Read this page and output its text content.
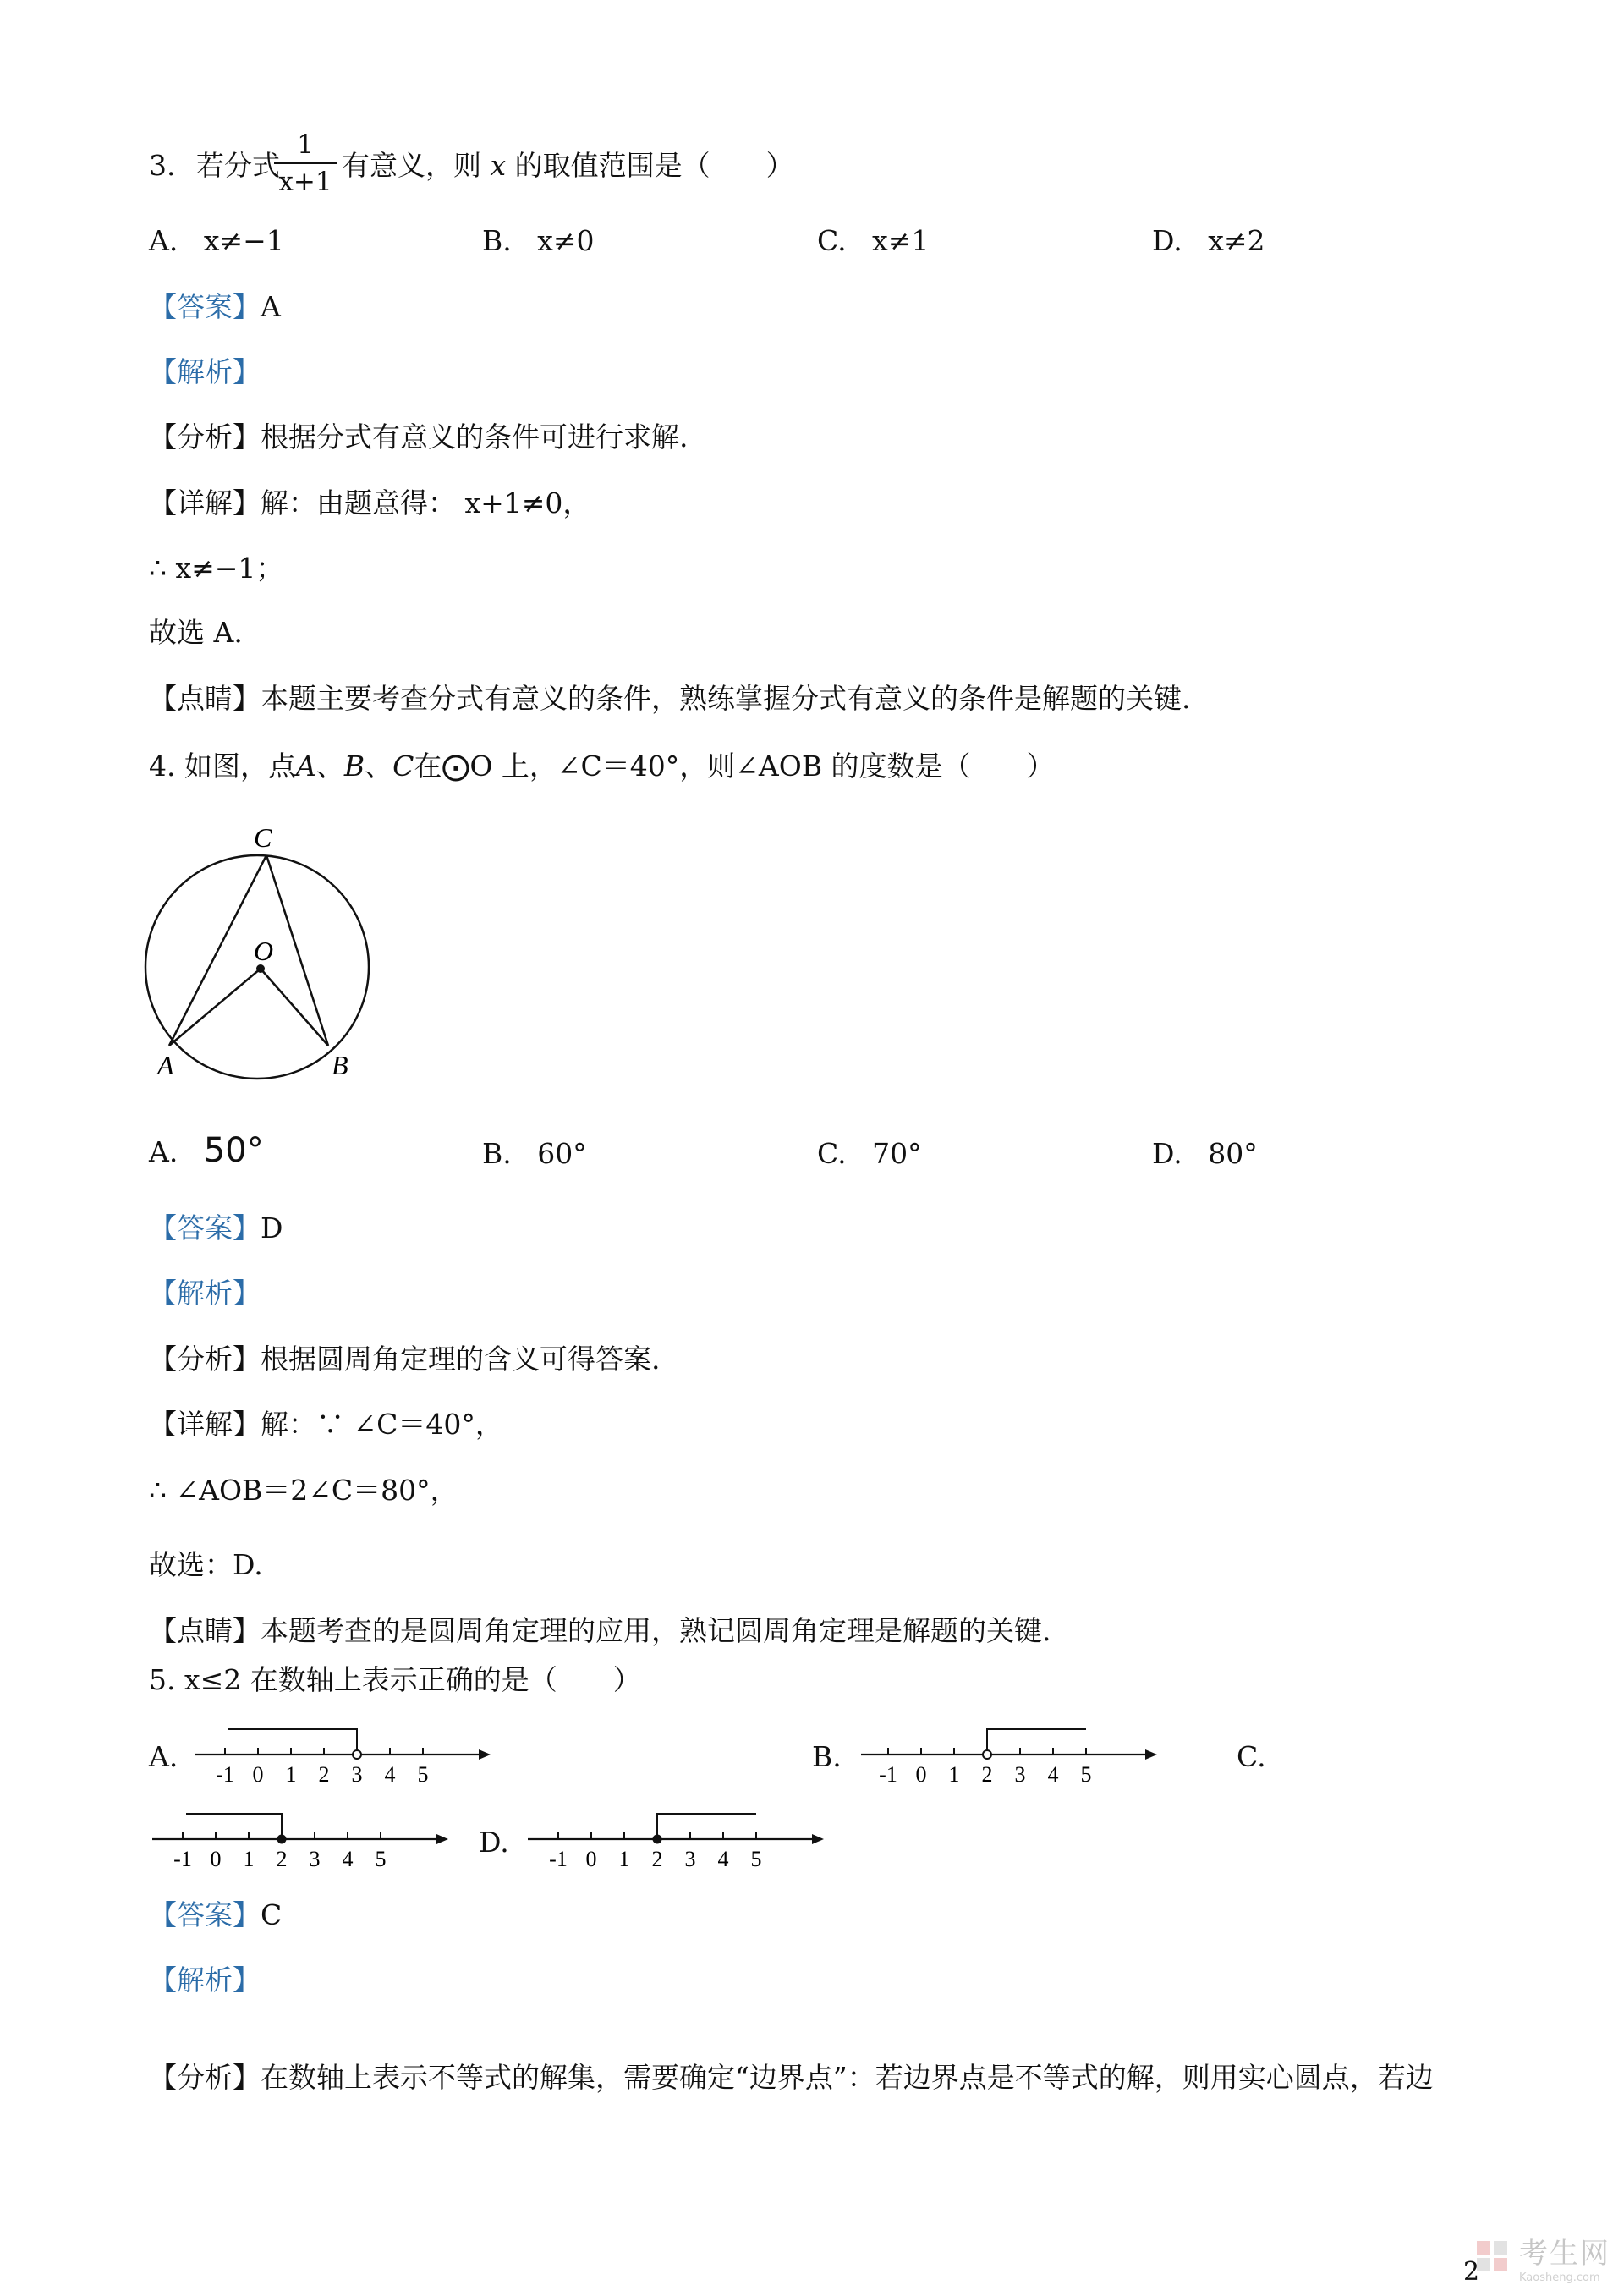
3. 若分式
1
x+1 有意义，则 x 的取值范围是（　　）
A. x≠−1	B. x≠0	C. x≠1	D. x≠2
【答案】A
【解析】
【分析】根据分式有意义的条件可进行求解.
【详解】解：由题意得： x+1≠0，
∴ x≠−1；
故选 A.
【点睛】本题主要考查分式有意义的条件，熟练掌握分式有意义的条件是解题的关键.
4. 如图，点A、B、C在⨀O 上，∠C＝40°，则∠AOB 的度数是（　　）
C
O
A	B
A. 50°	B. 60°	C. 70°	D. 80°
【答案】D
【解析】
【分析】根据圆周角定理的含义可得答案.
【详解】解：∵ ∠C＝40°，
∴ ∠AOB＝2∠C＝80°，
故选：D.
【点睛】本题考查的是圆周角定理的应用，熟记圆周角定理是解题的关键.
5. x≤2 在数轴上表示正确的是（　　）
A.	B.	C.
D.
-1 0 1 2 3 4 5	-1 0 1 2 3 4 5
-1 0 1 2 3 4 5	-1 0 1 2 3 4 5
【答案】C
【解析】
【分析】在数轴上表示不等式的解集，需要确定“边界点”：若边界点是不等式的解，则用实心圆点，若边
考生网
Kaosheng.com
2
